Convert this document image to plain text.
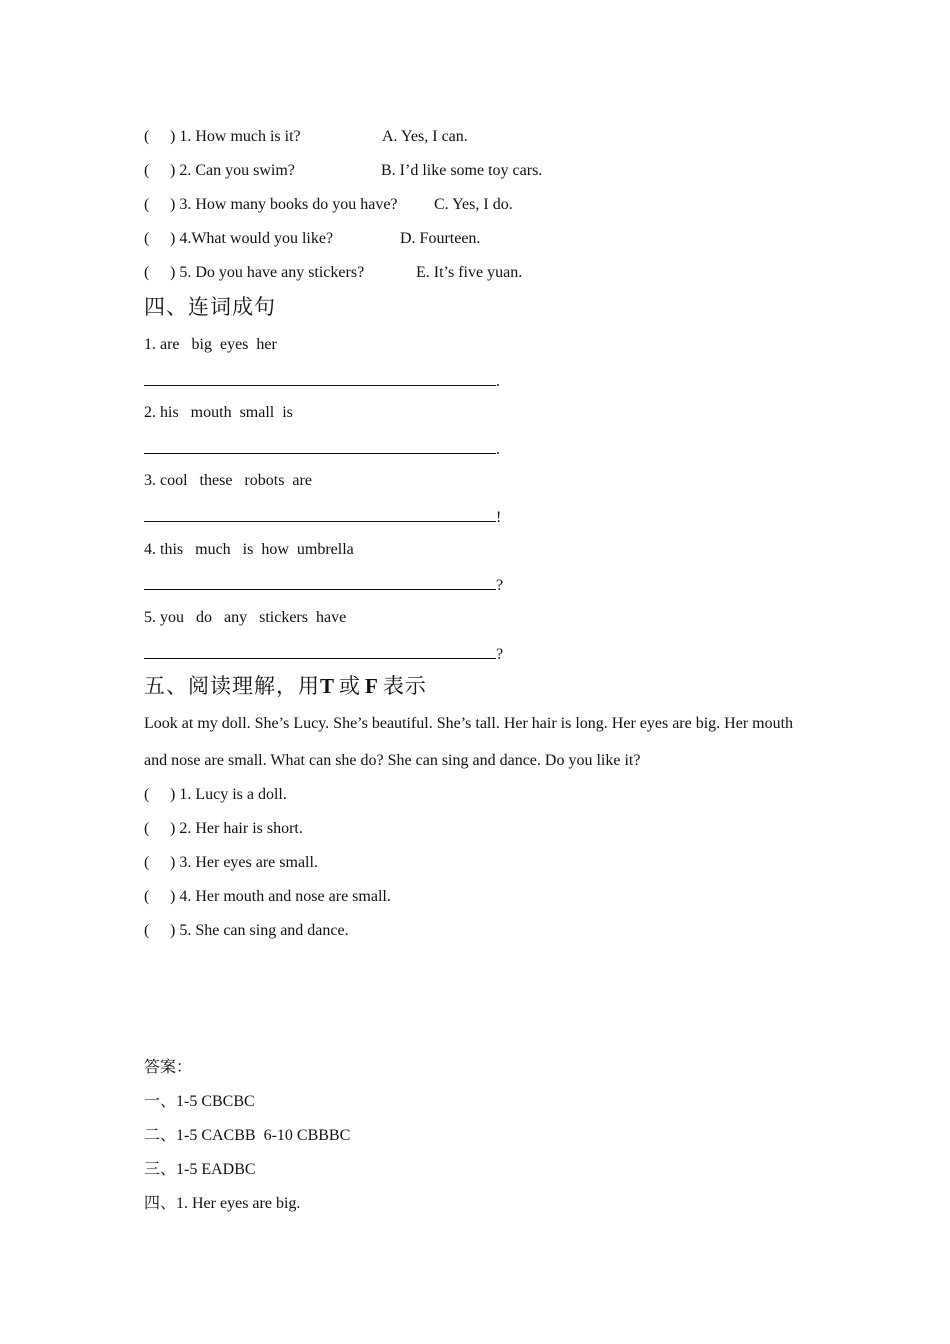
( ) 1. How much is it?	A. Yes, I can.
( ) 2. Can you swim?	B. I’d like some toy cars.
( ) 3. How many books do you have? C. Yes, I do.
( ) 4.What would you like?	D. Fourteen.
( ) 5. Do you have any stickers?	E. It’s five yuan.
四、连词成句
1. are   big  eyes  her
.
2. his   mouth  small  is
.
3. cool   these   robots  are
!
4. this   much   is  how  umbrella
?
5. you   do   any   stickers  have
?
五、阅读理解，用T 或 F 表示
Look at my doll. She’s Lucy. She’s beautiful. She’s tall. Her hair is long. Her eyes are big. Her mouth and nose are small. What can she do? She can sing and dance. Do you like it?
( ) 1. Lucy is a doll.
( ) 2. Her hair is short.
( ) 3. Her eyes are small.
( ) 4. Her mouth and nose are small.
( ) 5. She can sing and dance.
答案：
一、1-5 CBCBC
二、1-5 CACBB  6-10 CBBBC
三、1-5 EADBC
四、1. Her eyes are big.
